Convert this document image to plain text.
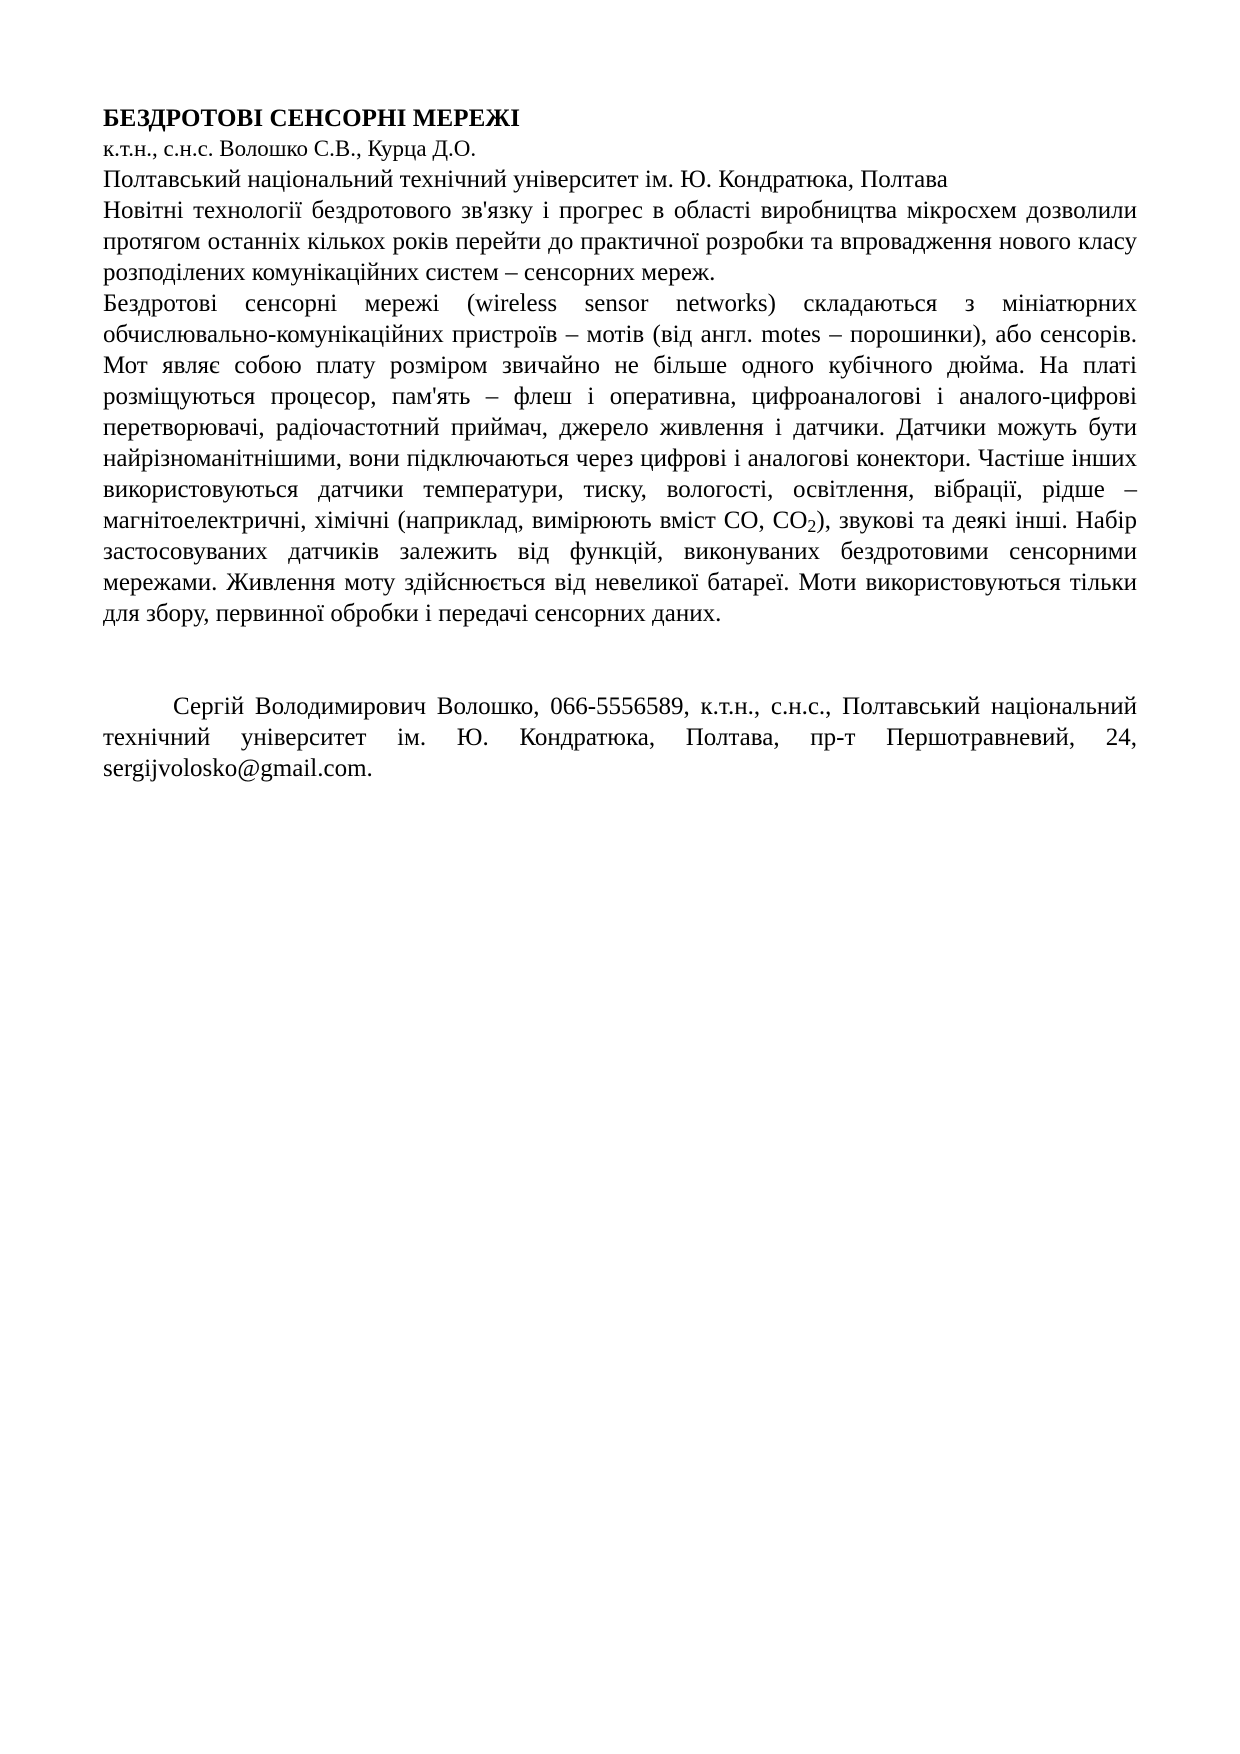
БЕЗДРОТОВІ СЕНСОРНІ МЕРЕЖІ

к.т.н., с.н.с. Волошко С.В., Курца Д.О.

Полтавський національний технічний університет ім. Ю. Кондратюка, Полтава

Новітні технології бездротового зв'язку і прогрес в області виробництва мікросхем дозволили протягом останніх кількох років перейти до практичної розробки та впровадження нового класу розподілених комунікаційних систем – сенсорних мереж.

Бездротові сенсорні мережі (wireless sensor networks) складаються з мініатюрних обчислювально-комунікаційних пристроїв – мотів (від англ. motes – порошинки), або сенсорів. Мот являє собою плату розміром звичайно не більше одного кубічного дюйма. На платі розміщуються процесор, пам'ять – флеш і оперативна, цифроаналогові і аналого-цифрові перетворювачі, радіочастотний приймач, джерело живлення і датчики. Датчики можуть бути найрізноманітнішими, вони підключаються через цифрові і аналогові конектори. Частіше інших використовуються датчики температури, тиску, вологості, освітлення, вібрації, рідше – магнітоелектричні, хімічні (наприклад, вимірюють вміст CO, $CO_2$), звукові та деякі інші. Набір застосовуваних датчиків залежить від функцій, виконуваних бездротовими сенсорними мережами. Живлення моту здійснюється від невеликої батареї. Моти використовуються тільки для збору, первинної обробки і передачі сенсорних даних.

Сергій Володимирович Волошко, 066-5556589, к.т.н., с.н.с., Полтавський національний технічний університет ім. Ю. Кондратюка, Полтава, пр-т Першотравневий, 24, sergijvolosko@gmail.com.
